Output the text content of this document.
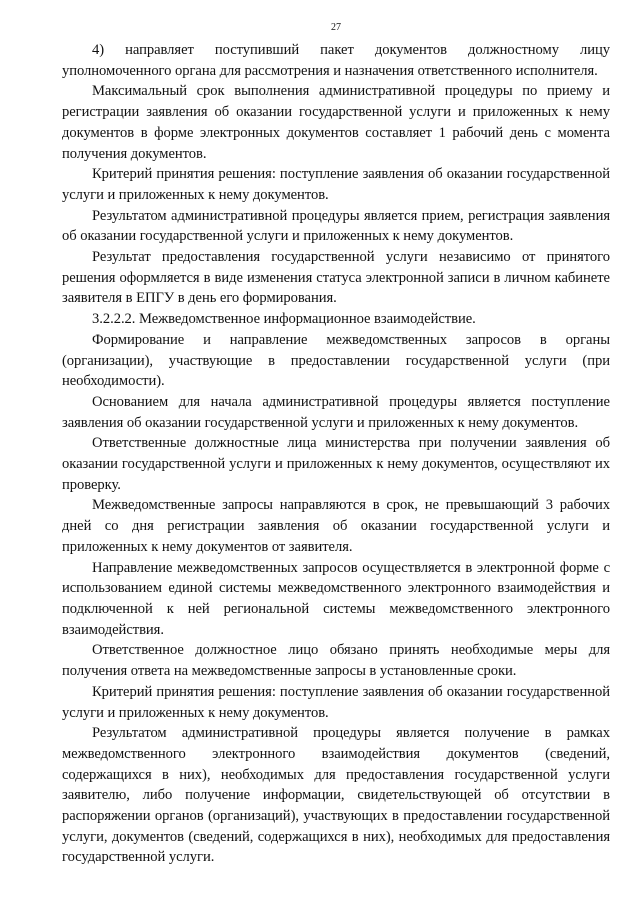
27

4) направляет поступивший пакет документов должностному лицу уполномоченного органа для рассмотрения и назначения ответственного исполнителя.

Максимальный срок выполнения административной процедуры по приему и регистрации заявления об оказании государственной услуги и приложенных к нему документов в форме электронных документов составляет 1 рабочий день с момента получения документов.

Критерий принятия решения: поступление заявления об оказании государственной услуги и приложенных к нему документов.

Результатом административной процедуры является прием, регистрация заявления об оказании государственной услуги и приложенных к нему документов.

Результат предоставления государственной услуги независимо от принятого решения оформляется в виде изменения статуса электронной записи в личном кабинете заявителя в ЕПГУ в день его формирования.

3.2.2.2. Межведомственное информационное взаимодействие.

Формирование и направление межведомственных запросов в органы (организации), участвующие в предоставлении государственной услуги (при необходимости).

Основанием для начала административной процедуры является поступление заявления об оказании государственной услуги и приложенных к нему документов.

Ответственные должностные лица министерства при получении заявления об оказании государственной услуги и приложенных к нему документов, осуществляют их проверку.

Межведомственные запросы направляются в срок, не превышающий 3 рабочих дней со дня регистрации заявления об оказании государственной услуги и приложенных к нему документов от заявителя.

Направление межведомственных запросов осуществляется в электронной форме с использованием единой системы межведомственного электронного взаимодействия и подключенной к ней региональной системы межведомственного электронного взаимодействия.

Ответственное должностное лицо обязано принять необходимые меры для получения ответа на межведомственные запросы в установленные сроки.

Критерий принятия решения: поступление заявления об оказании государственной услуги и приложенных к нему документов.

Результатом административной процедуры является получение в рамках межведомственного электронного взаимодействия документов (сведений, содержащихся в них), необходимых для предоставления государственной услуги заявителю, либо получение информации, свидетельствующей об отсутствии в распоряжении органов (организаций), участвующих в предоставлении государственной услуги, документов (сведений, содержащихся в них), необходимых для предоставления государственной услуги.
